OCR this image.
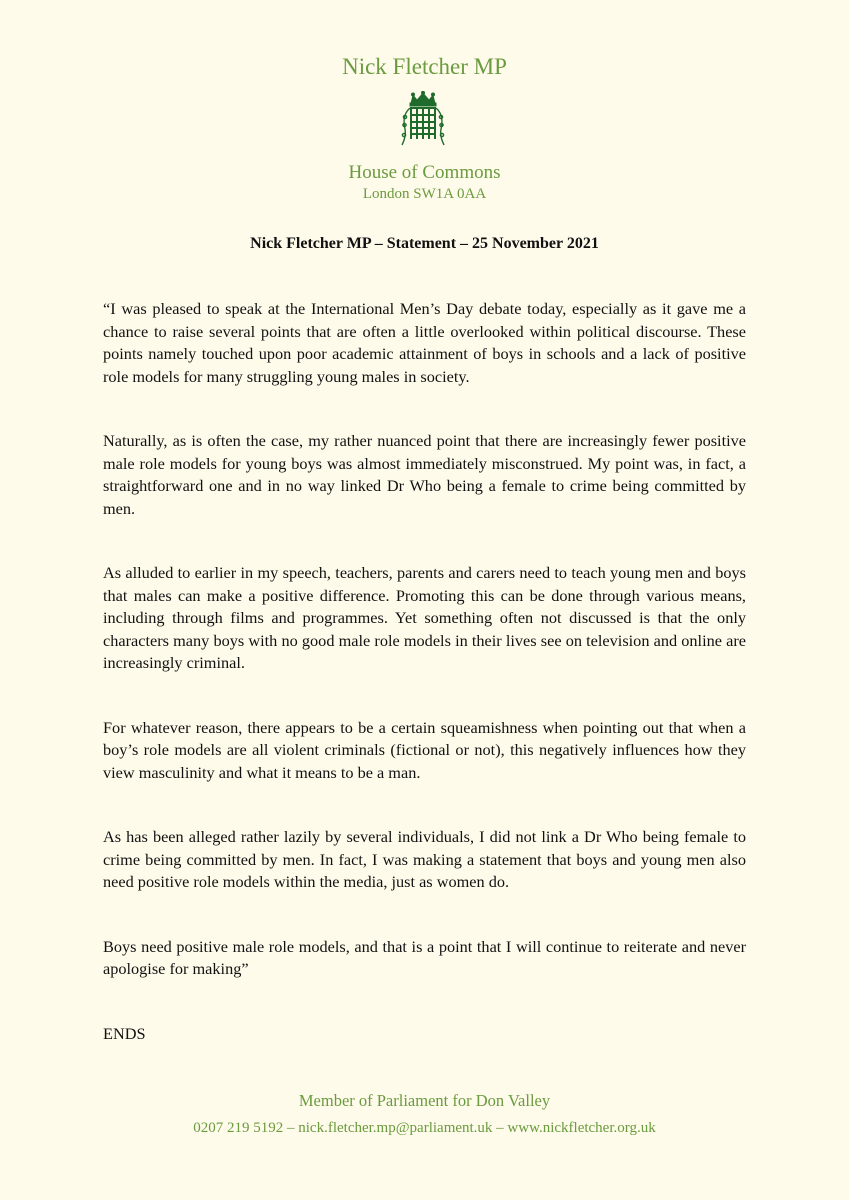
Nick Fletcher MP
House of Commons
London SW1A 0AA
Nick Fletcher MP – Statement – 25 November 2021

“I was pleased to speak at the International Men’s Day debate today, especially as it gave me a chance to raise several points that are often a little overlooked within political discourse. These points namely touched upon poor academic attainment of boys in schools and a lack of positive role models for many struggling young males in society.

Naturally, as is often the case, my rather nuanced point that there are increasingly fewer positive male role models for young boys was almost immediately misconstrued. My point was, in fact, a straightforward one and in no way linked Dr Who being a female to crime being committed by men.

As alluded to earlier in my speech, teachers, parents and carers need to teach young men and boys that males can make a positive difference. Promoting this can be done through various means, including through films and programmes. Yet something often not discussed is that the only characters many boys with no good male role models in their lives see on television and online are increasingly criminal.

For whatever reason, there appears to be a certain squeamishness when pointing out that when a boy’s role models are all violent criminals (fictional or not), this negatively influences how they view masculinity and what it means to be a man.

As has been alleged rather lazily by several individuals, I did not link a Dr Who being female to crime being committed by men. In fact, I was making a statement that boys and young men also need positive role models within the media, just as women do.

Boys need positive male role models, and that is a point that I will continue to reiterate and never apologise for making”

ENDS

Member of Parliament for Don Valley
0207 219 5192 – nick.fletcher.mp@parliament.uk – www.nickfletcher.org.uk
